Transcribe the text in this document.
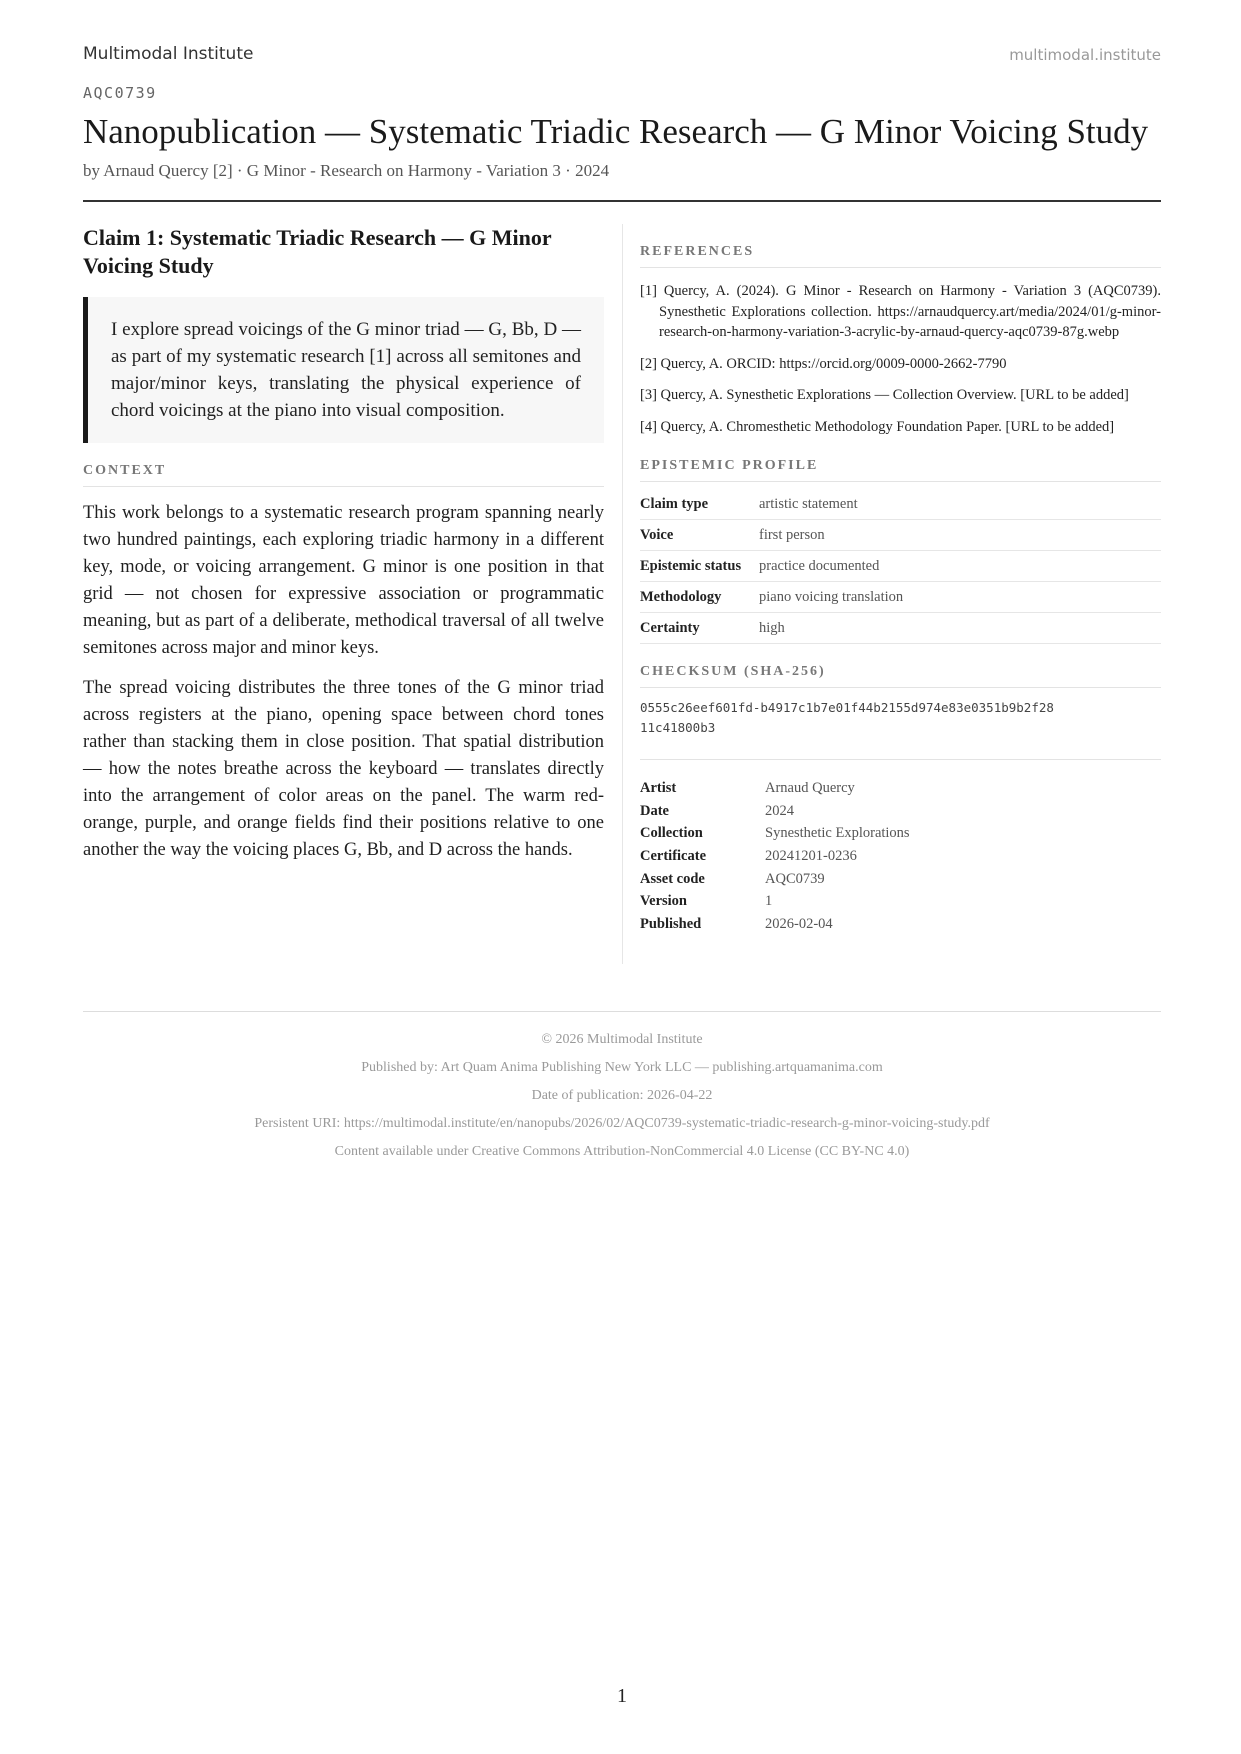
Multimodal Institute	multimodal.institute
AQC0739
Nanopublication — Systematic Triadic Research — G Minor Voicing Study
by Arnaud Quercy [2] · G Minor - Research on Harmony - Variation 3 · 2024
Claim 1: Systematic Triadic Research — G Minor Voicing Study
I explore spread voicings of the G minor triad — G, Bb, D — as part of my systematic research [1] across all semitones and major/minor keys, translating the physical experience of chord voicings at the piano into visual composition.
CONTEXT

This work belongs to a systematic research program spanning nearly two hundred paintings, each exploring triadic harmony in a different key, mode, or voicing arrangement. G minor is one position in that grid — not chosen for expressive association or programmatic meaning, but as part of a deliberate, methodical traversal of all twelve semitones across major and minor keys.

The spread voicing distributes the three tones of the G minor triad across registers at the piano, opening space between chord tones rather than stacking them in close position. That spatial distribution — how the notes breathe across the keyboard — translates directly into the arrangement of color areas on the panel. The warm red-orange, purple, and orange fields find their positions relative to one another the way the voicing places G, Bb, and D across the hands.

REFERENCES
[1] Quercy, A. (2024). G Minor - Research on Harmony - Variation 3 (AQC0739). Synesthetic Explorations collection. https://arnaudquercy.art/media/2024/01/g-minor-research-on-harmony-variation-3-acrylic-by-arnaud-quercy-aqc0739-87g.webp
[2] Quercy, A. ORCID: https://orcid.org/0009-0000-2662-7790
[3] Quercy, A. Synesthetic Explorations — Collection Overview. [URL to be added]
[4] Quercy, A. Chromesthetic Methodology Foundation Paper. [URL to be added]
EPISTEMIC PROFILE
Claim type	artistic statement
Voice	first person
Epistemic status	practice documented
Methodology	piano voicing translation
Certainty	high
CHECKSUM (SHA-256)
0555c26eef601fd-b4917c1b7e01f44b2155d974e83e0351b9b2f2811c41800b3
Artist	Arnaud Quercy
Date	2024
Collection	Synesthetic Explorations
Certificate	20241201-0236
Asset code	AQC0739
Version	1
Published	2026-02-04
© 2026 Multimodal Institute
Published by: Art Quam Anima Publishing New York LLC — publishing.artquamanima.com
Date of publication: 2026-04-22
Persistent URI: https://multimodal.institute/en/nanopubs/2026/02/AQC0739-systematic-triadic-research-g-minor-voicing-study.pdf
Content available under Creative Commons Attribution-NonCommercial 4.0 License (CC BY-NC 4.0)
1
